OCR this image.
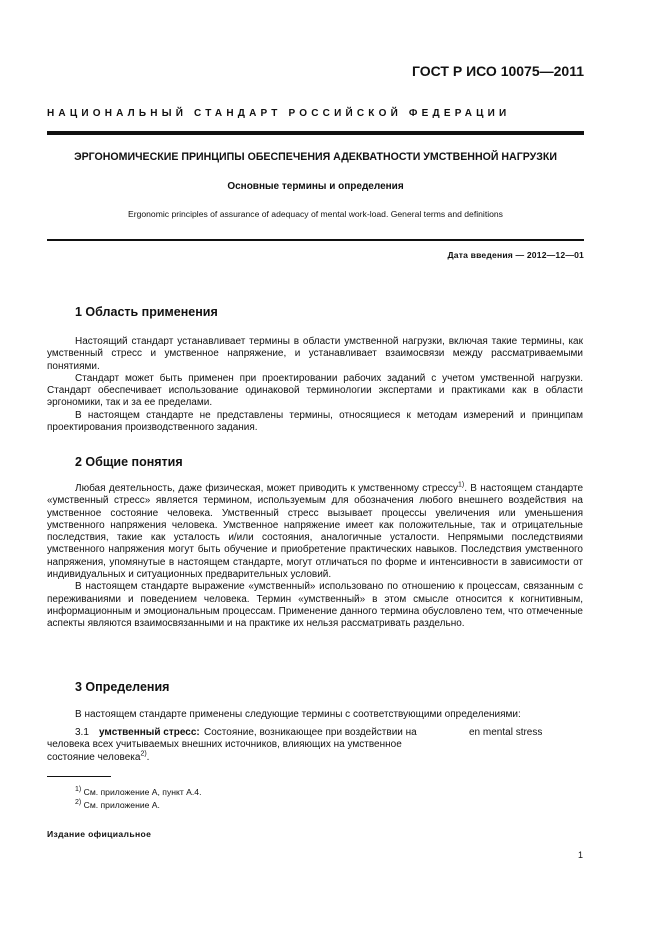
ГОСТ Р ИСО 10075—2011
НАЦИОНАЛЬНЫЙ СТАНДАРТ РОССИЙСКОЙ ФЕДЕРАЦИИ
ЭРГОНОМИЧЕСКИЕ ПРИНЦИПЫ ОБЕСПЕЧЕНИЯ АДЕКВАТНОСТИ УМСТВЕННОЙ НАГРУЗКИ
Основные термины и определения
Ergonomic principles of assurance of adequacy of mental work-load. General terms and definitions
Дата введения — 2012—12—01
1 Область применения

Настоящий стандарт устанавливает термины в области умственной нагрузки, включая такие термины, как умственный стресс и умственное напряжение, и устанавливает взаимосвязи между рассматриваемыми понятиями.

Стандарт может быть применен при проектировании рабочих заданий с учетом умственной нагрузки. Стандарт обеспечивает использование одинаковой терминологии экспертами и практиками как в области эргономики, так и за ее пределами.

В настоящем стандарте не представлены термины, относящиеся к методам измерений и принципам проектирования производственного задания.

2 Общие понятия

Любая деятельность, даже физическая, может приводить к умственному стрессу$^{1)}$. В настоящем стандарте «умственный стресс» является термином, используемым для обозначения любого внешнего воздействия на умственное состояние человека. Умственный стресс вызывает процессы увеличения или уменьшения умственного напряжения человека. Умственное напряжение имеет как положительные, так и отрицательные последствия, такие как усталость и/или состояния, аналогичные усталости. Непрямыми последствиями умственного напряжения могут быть обучение и приобретение практических навыков. Последствия умственного напряжения, упомянутые в настоящем стандарте, могут отличаться по форме и интенсивности в зависимости от индивидуальных и ситуационных предварительных условий.

В настоящем стандарте выражение «умственный» использовано по отношению к процессам, связанным с переживаниями и поведением человека. Термин «умственный» в этом смысле относится к когнитивным, информационным и эмоциональным процессам. Применение данного термина обусловлено тем, что отмеченные аспекты являются взаимосвязанными и на практике их нельзя рассматривать раздельно.

3 Определения

В настоящем стандарте применены следующие термины с соответствующими определениями:

3.1 умственный стресс: Состояние, возникающее при воздействии на	en mental stress
человека всех учитываемых внешних источников, влияющих на умственное
состояние человека$^{2)}$.
$^{1)}$ См. приложение А, пункт А.4.
$^{2)}$ См. приложение А.
Издание официальное
1
